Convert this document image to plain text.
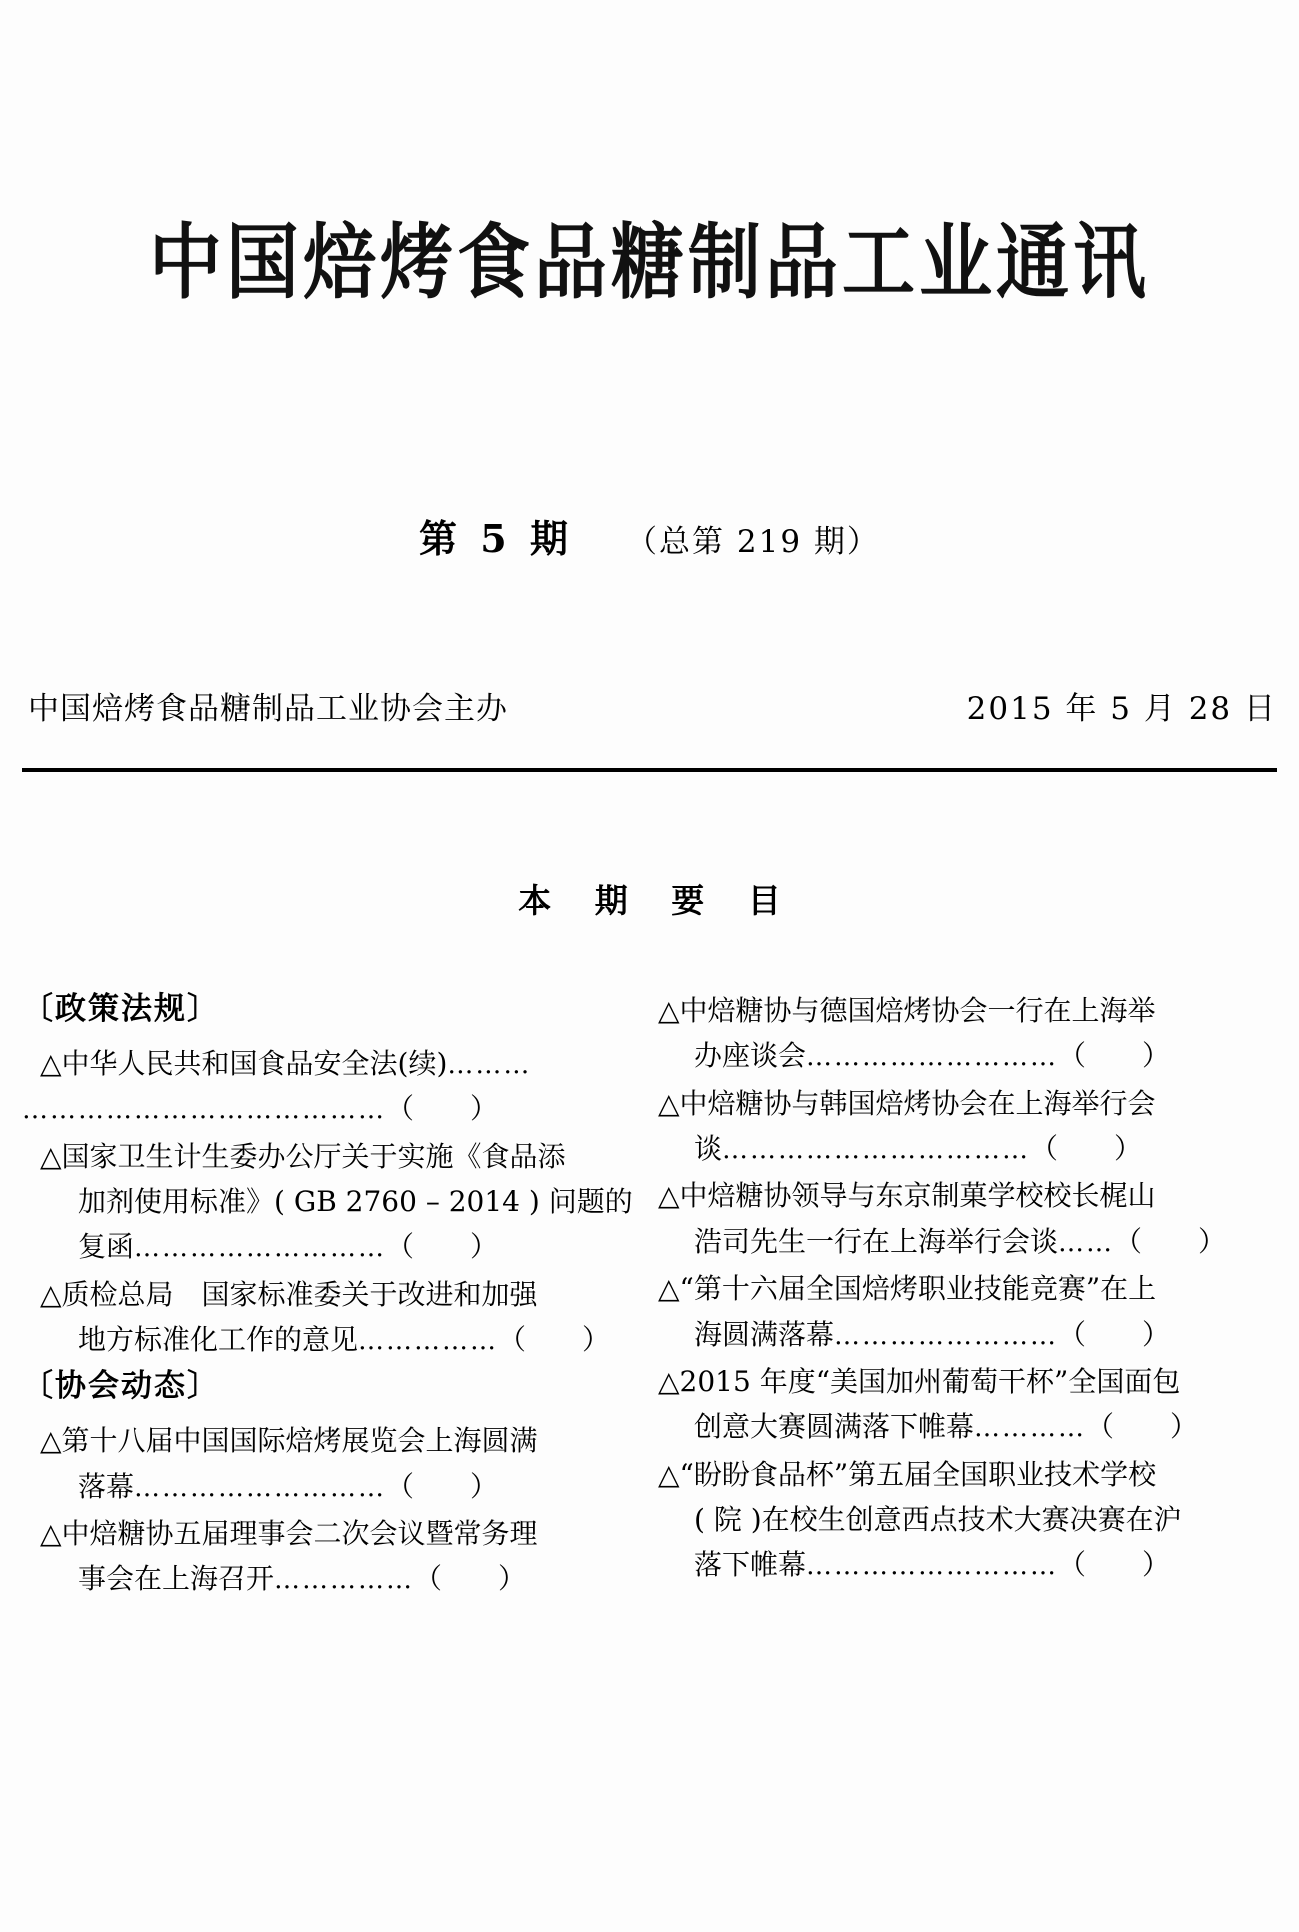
中国焙烤食品糖制品工业通讯
第 5 期 （总第 219 期）
中国焙烤食品糖制品工业协会主办	2015 年 5 月 28 日
本 期 要 目
〔政策法规〕
△中华人民共和国食品安全法(续)………
…………………………………（　　）
△国家卫生计生委办公厅关于实施《食品添
加剂使用标准》( GB 2760 – 2014 ) 问题的
复函………………………（　　）
△质检总局　国家标准委关于改进和加强
地方标准化工作的意见……………（　　）
〔协会动态〕
△第十八届中国国际焙烤展览会上海圆满
落幕………………………（　　）
△中焙糖协五届理事会二次会议暨常务理
事会在上海召开……………（　　）
△中焙糖协与德国焙烤协会一行在上海举
办座谈会………………………（　　）
△中焙糖协与韩国焙烤协会在上海举行会
谈……………………………（　　）
△中焙糖协领导与东京制菓学校校长梶山
浩司先生一行在上海举行会谈……（　　）
△“第十六届全国焙烤职业技能竞赛”在上
海圆满落幕……………………（　　）
△2015 年度“美国加州葡萄干杯”全国面包
创意大赛圆满落下帷幕…………（　　）
△“盼盼食品杯”第五届全国职业技术学校
( 院 )在校生创意西点技术大赛决赛在沪
落下帷幕………………………（　　）
